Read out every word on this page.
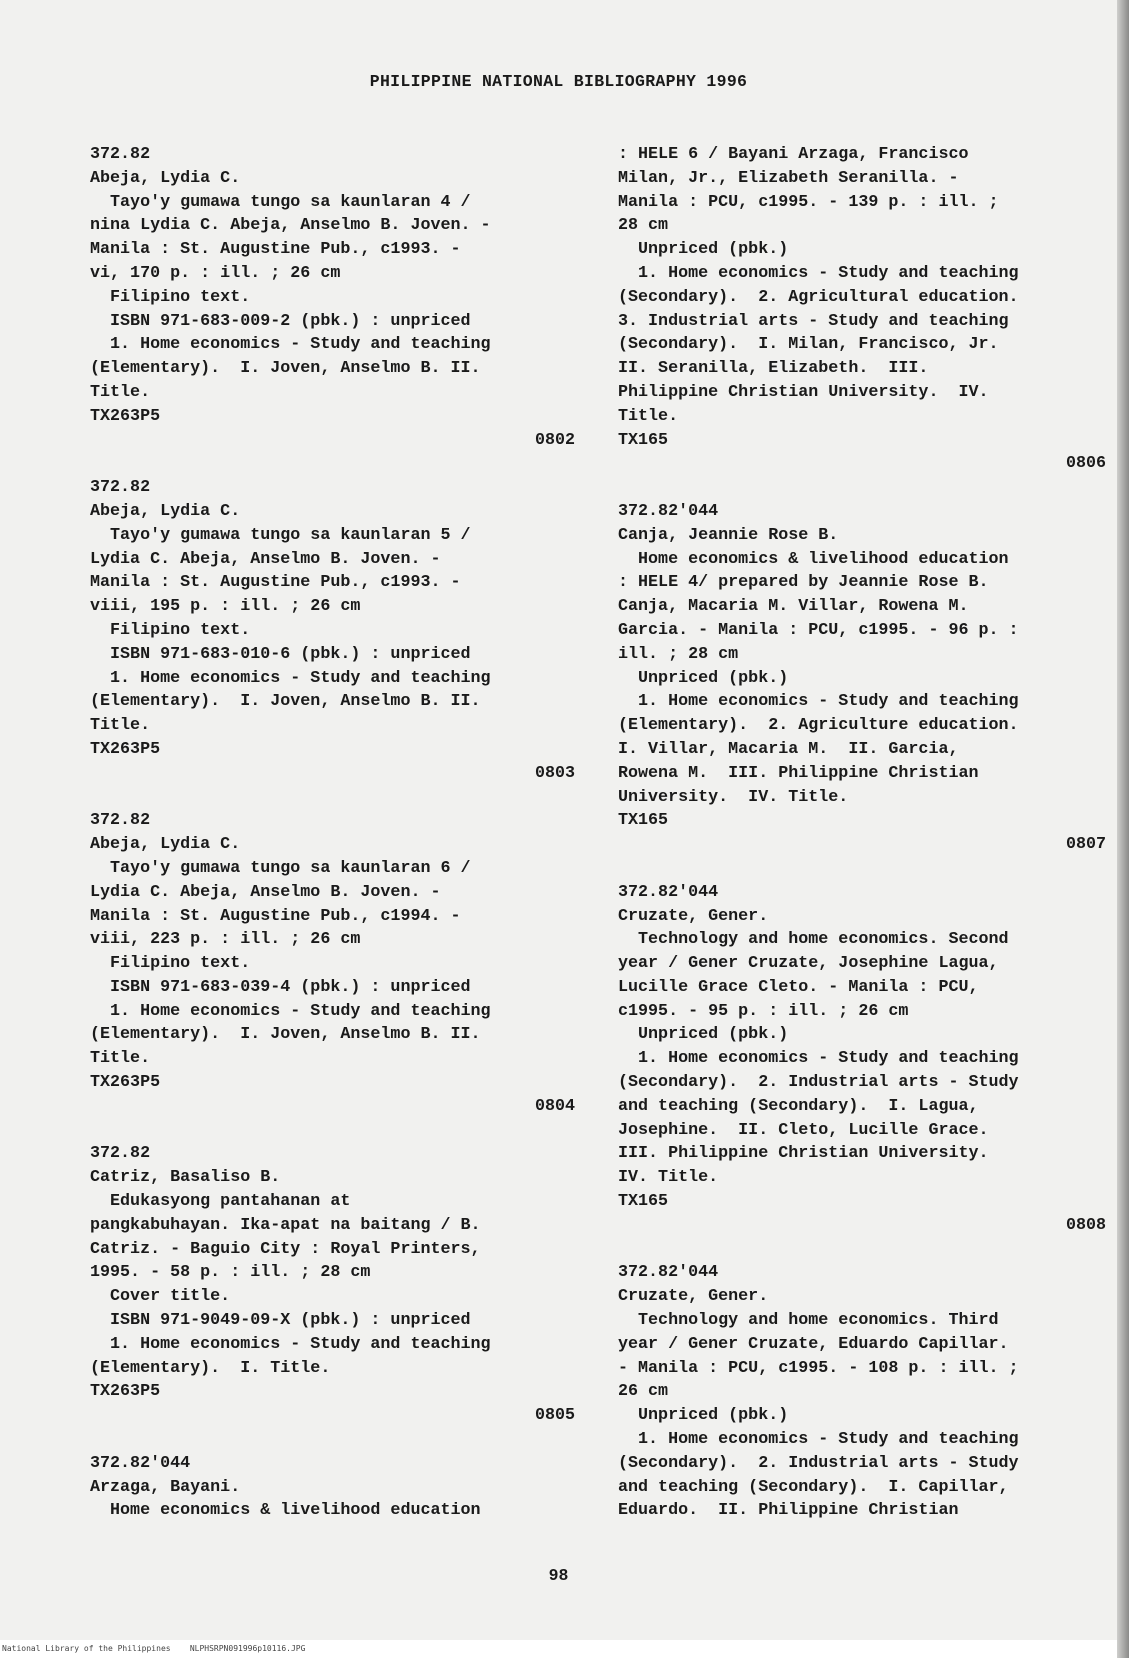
PHILIPPINE NATIONAL BIBLIOGRAPHY 1996
372.82
Abeja, Lydia C.
Tayo'y gumawa tungo sa kaunlaran 4 /
nina Lydia C. Abeja, Anselmo B. Joven. -
Manila : St. Augustine Pub., c1993. -
vi, 170 p. : ill. ; 26 cm
Filipino text.
ISBN 971-683-009-2 (pbk.) : unpriced
1. Home economics - Study and teaching
(Elementary).  I. Joven, Anselmo B. II.
Title.
TX263P5
0802
372.82
Abeja, Lydia C.
Tayo'y gumawa tungo sa kaunlaran 5 /
Lydia C. Abeja, Anselmo B. Joven. -
Manila : St. Augustine Pub., c1993. -
viii, 195 p. : ill. ; 26 cm
Filipino text.
ISBN 971-683-010-6 (pbk.) : unpriced
1. Home economics - Study and teaching
(Elementary).  I. Joven, Anselmo B. II.
Title.
TX263P5
0803
372.82
Abeja, Lydia C.
Tayo'y gumawa tungo sa kaunlaran 6 /
Lydia C. Abeja, Anselmo B. Joven. -
Manila : St. Augustine Pub., c1994. -
viii, 223 p. : ill. ; 26 cm
Filipino text.
ISBN 971-683-039-4 (pbk.) : unpriced
1. Home economics - Study and teaching
(Elementary).  I. Joven, Anselmo B. II.
Title.
TX263P5
0804
372.82
Catriz, Basaliso B.
Edukasyong pantahanan at
pangkabuhayan. Ika-apat na baitang / B.
Catriz. - Baguio City : Royal Printers,
1995. - 58 p. : ill. ; 28 cm
Cover title.
ISBN 971-9049-09-X (pbk.) : unpriced
1. Home economics - Study and teaching
(Elementary).  I. Title.
TX263P5
0805
372.82'044
Arzaga, Bayani.
Home economics & livelihood education
: HELE 6 / Bayani Arzaga, Francisco
Milan, Jr., Elizabeth Seranilla. -
Manila : PCU, c1995. - 139 p. : ill. ;
28 cm
Unpriced (pbk.)
1. Home economics - Study and teaching
(Secondary).  2. Agricultural education.
3. Industrial arts - Study and teaching
(Secondary).  I. Milan, Francisco, Jr.
II. Seranilla, Elizabeth.  III.
Philippine Christian University.  IV.
Title.
TX165
0806
372.82'044
Canja, Jeannie Rose B.
Home economics & livelihood education
: HELE 4/ prepared by Jeannie Rose B.
Canja, Macaria M. Villar, Rowena M.
Garcia. - Manila : PCU, c1995. - 96 p. :
ill. ; 28 cm
Unpriced (pbk.)
1. Home economics - Study and teaching
(Elementary).  2. Agriculture education.
I. Villar, Macaria M.  II. Garcia,
Rowena M.  III. Philippine Christian
University.  IV. Title.
TX165
0807
372.82'044
Cruzate, Gener.
Technology and home economics. Second
year / Gener Cruzate, Josephine Lagua,
Lucille Grace Cleto. - Manila : PCU,
c1995. - 95 p. : ill. ; 26 cm
Unpriced (pbk.)
1. Home economics - Study and teaching
(Secondary).  2. Industrial arts - Study
and teaching (Secondary).  I. Lagua,
Josephine.  II. Cleto, Lucille Grace.
III. Philippine Christian University.
IV. Title.
TX165
0808
372.82'044
Cruzate, Gener.
Technology and home economics. Third
year / Gener Cruzate, Eduardo Capillar.
- Manila : PCU, c1995. - 108 p. : ill. ;
26 cm
Unpriced (pbk.)
1. Home economics - Study and teaching
(Secondary).  2. Industrial arts - Study
and teaching (Secondary).  I. Capillar,
Eduardo.  II. Philippine Christian
98
National Library of the Philippines NLPHSRPN091996p10116.JPG
